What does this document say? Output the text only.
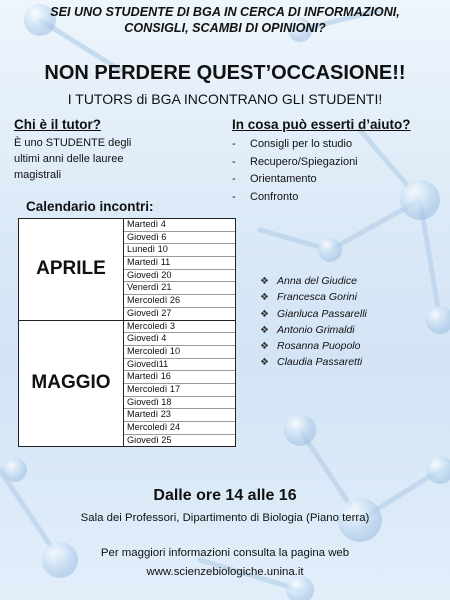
SEI UNO STUDENTE DI BGA IN CERCA DI INFORMAZIONI,
CONSIGLI, SCAMBI DI OPINIONI?
NON PERDERE QUEST’OCCASIONE!!
I TUTORS di BGA INCONTRANO GLI STUDENTI!
Chi è il tutor?
È uno STUDENTE degli ultimi anni delle lauree magistrali
In cosa può esserti d’aiuto?
- Consigli per lo studio
- Recupero/Spiegazioni
- Orientamento
- Confronto
Calendario incontri:
APRILE
Martedì 4
Giovedì 6
Lunedì 10
Martedì 11
Giovedì 20
Venerdì 21
Mercoledì 26
Giovedì 27
MAGGIO
Mercoledì 3
Giovedì 4
Mercoledì 10
Giovedì11
Martedì 16
Mercoledì 17
Giovedì 18
Martedì 23
Mercoledì 24
Giovedì 25
❖ Anna del Giudice
❖ Francesca Gorini
❖ Gianluca Passarelli
❖ Antonio Grimaldi
❖ Rosanna Puopolo
❖ Claudia Passaretti
Dalle ore 14 alle 16
Sala dei Professori, Dipartimento di Biologia (Piano terra)
Per maggiori informazioni consulta la pagina web
www.scienzebiologiche.unina.it
